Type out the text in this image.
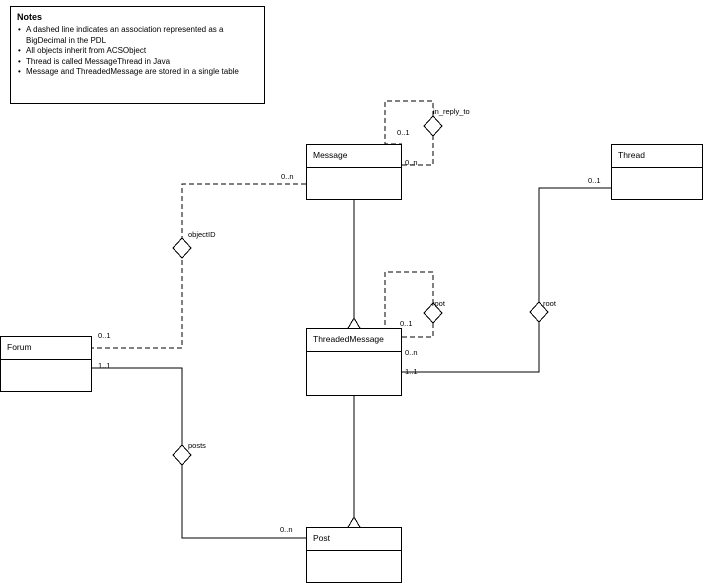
Notes
• A dashed line indicates an association represented as a BigDecimal in the PDL
• All objects inherit from ACSObject
• Thread is called MessageThread in Java
• Message and ThreadedMessage are stored in a single table
Message	Thread
Forum
ThreadedMessage
Post
in_reply_to
objectID
root	root
posts
0..1
0..n
0..n	0..1
0..1
1..1
0..1
0..n
1..1
0..n
